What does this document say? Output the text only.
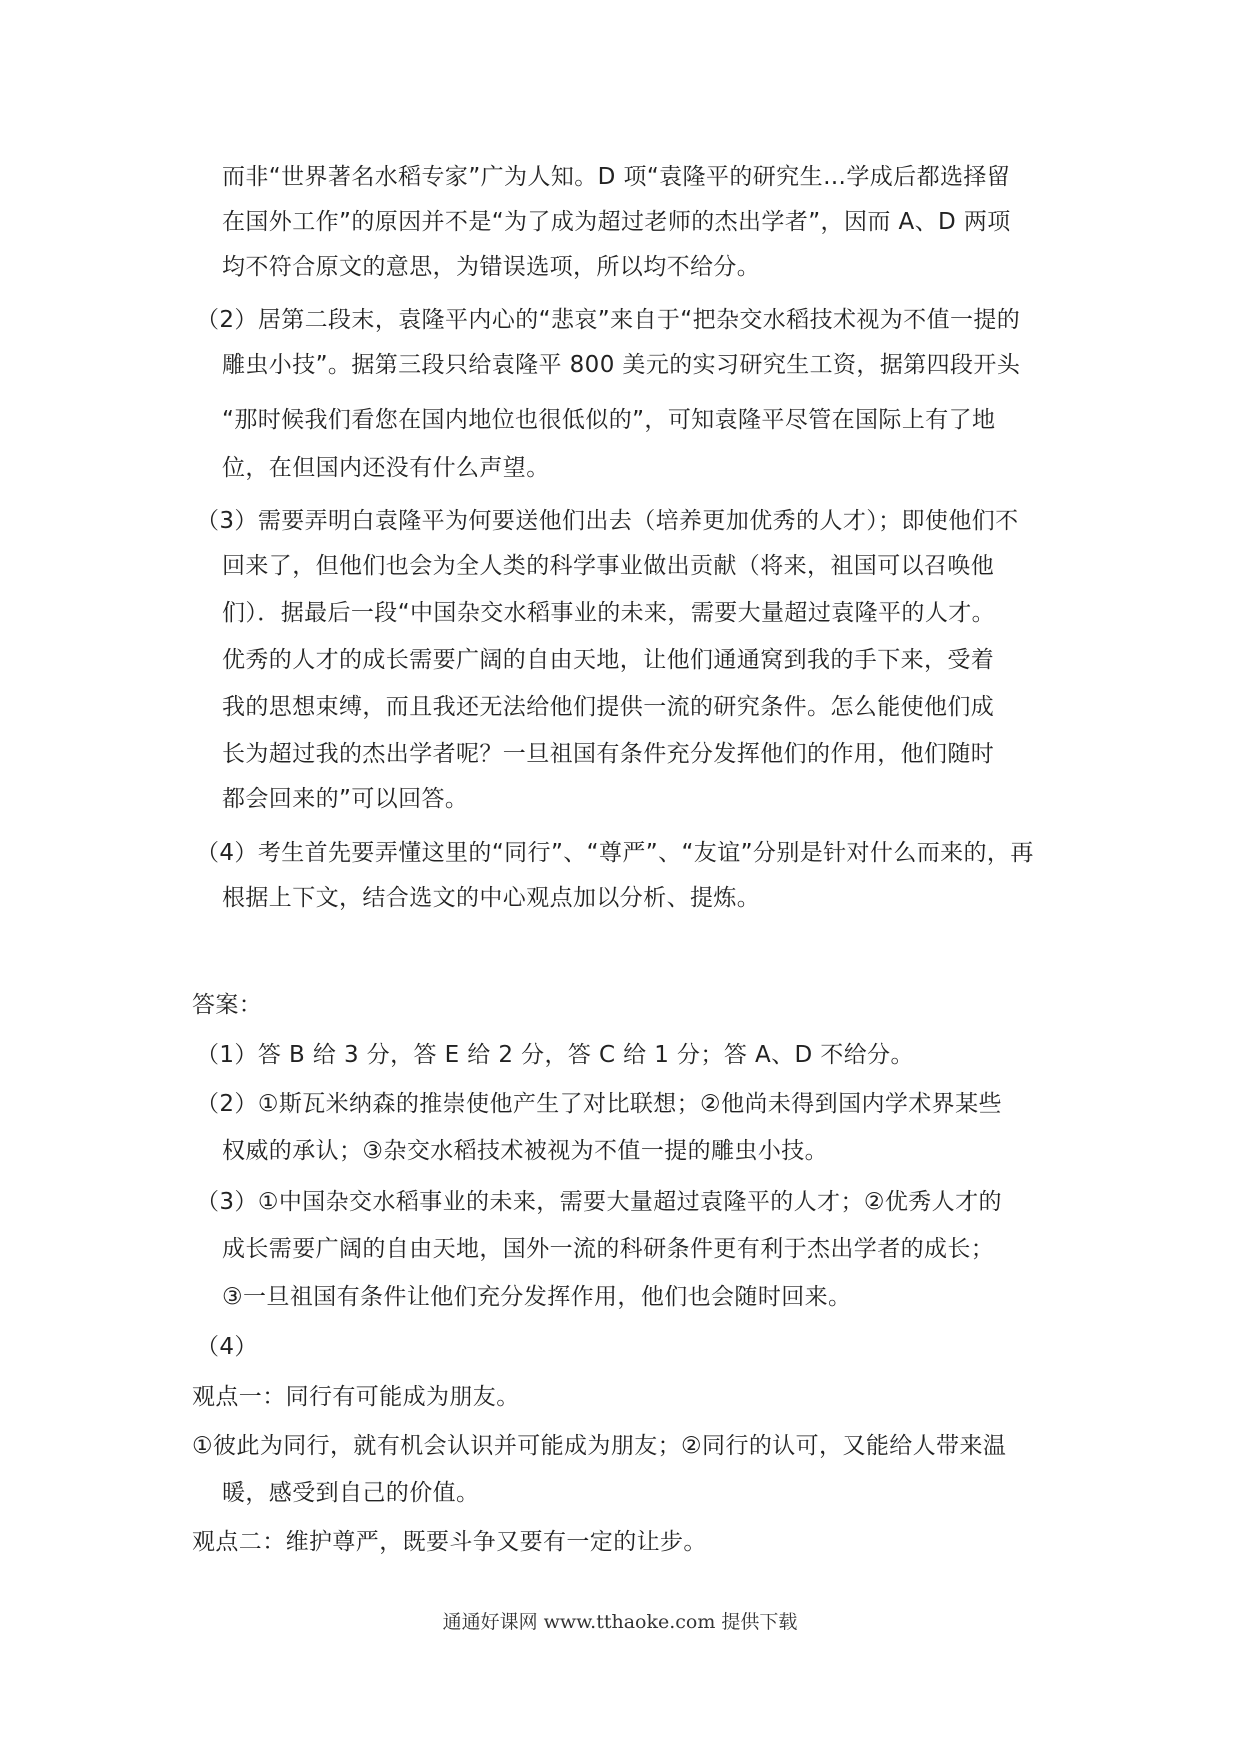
而非“世界著名水稻专家”广为人知。D 项“袁隆平的研究生…学成后都选择留
在国外工作”的原因并不是“为了成为超过老师的杰出学者”，因而 A、D 两项
均不符合原文的意思，为错误选项，所以均不给分。
（2）居第二段末，袁隆平内心的“悲哀”来自于“把杂交水稻技术视为不值一提的
雕虫小技”。据第三段只给袁隆平 800 美元的实习研究生工资，据第四段开头
“那时候我们看您在国内地位也很低似的”，可知袁隆平尽管在国际上有了地
位，在但国内还没有什么声望。
（3）需要弄明白袁隆平为何要送他们出去（培养更加优秀的人才）；即使他们不
回来了，但他们也会为全人类的科学事业做出贡献（将来，祖国可以召唤他
们）．据最后一段“中国杂交水稻事业的未来，需要大量超过袁隆平的人才。
优秀的人才的成长需要广阔的自由天地，让他们通通窝到我的手下来，受着
我的思想束缚，而且我还无法给他们提供一流的研究条件。怎么能使他们成
长为超过我的杰出学者呢？一旦祖国有条件充分发挥他们的作用，他们随时
都会回来的”可以回答。
（4）考生首先要弄懂这里的“同行”、“尊严”、“友谊”分别是针对什么而来的，再
根据上下文，结合选文的中心观点加以分析、提炼。
答案：
（1）答 B 给 3 分，答 E 给 2 分，答 C 给 1 分；答 A、D 不给分。
（2）①斯瓦米纳森的推崇使他产生了对比联想；②他尚未得到国内学术界某些
权威的承认；③杂交水稻技术被视为不值一提的雕虫小技。
（3）①中国杂交水稻事业的未来，需要大量超过袁隆平的人才；②优秀人才的
成长需要广阔的自由天地，国外一流的科研条件更有利于杰出学者的成长；
③一旦祖国有条件让他们充分发挥作用，他们也会随时回来。
（4）
观点一：同行有可能成为朋友。
①彼此为同行，就有机会认识并可能成为朋友；②同行的认可，又能给人带来温
暖，感受到自己的价值。
观点二：维护尊严，既要斗争又要有一定的让步。
通通好课网 www.tthaoke.com 提供下载
